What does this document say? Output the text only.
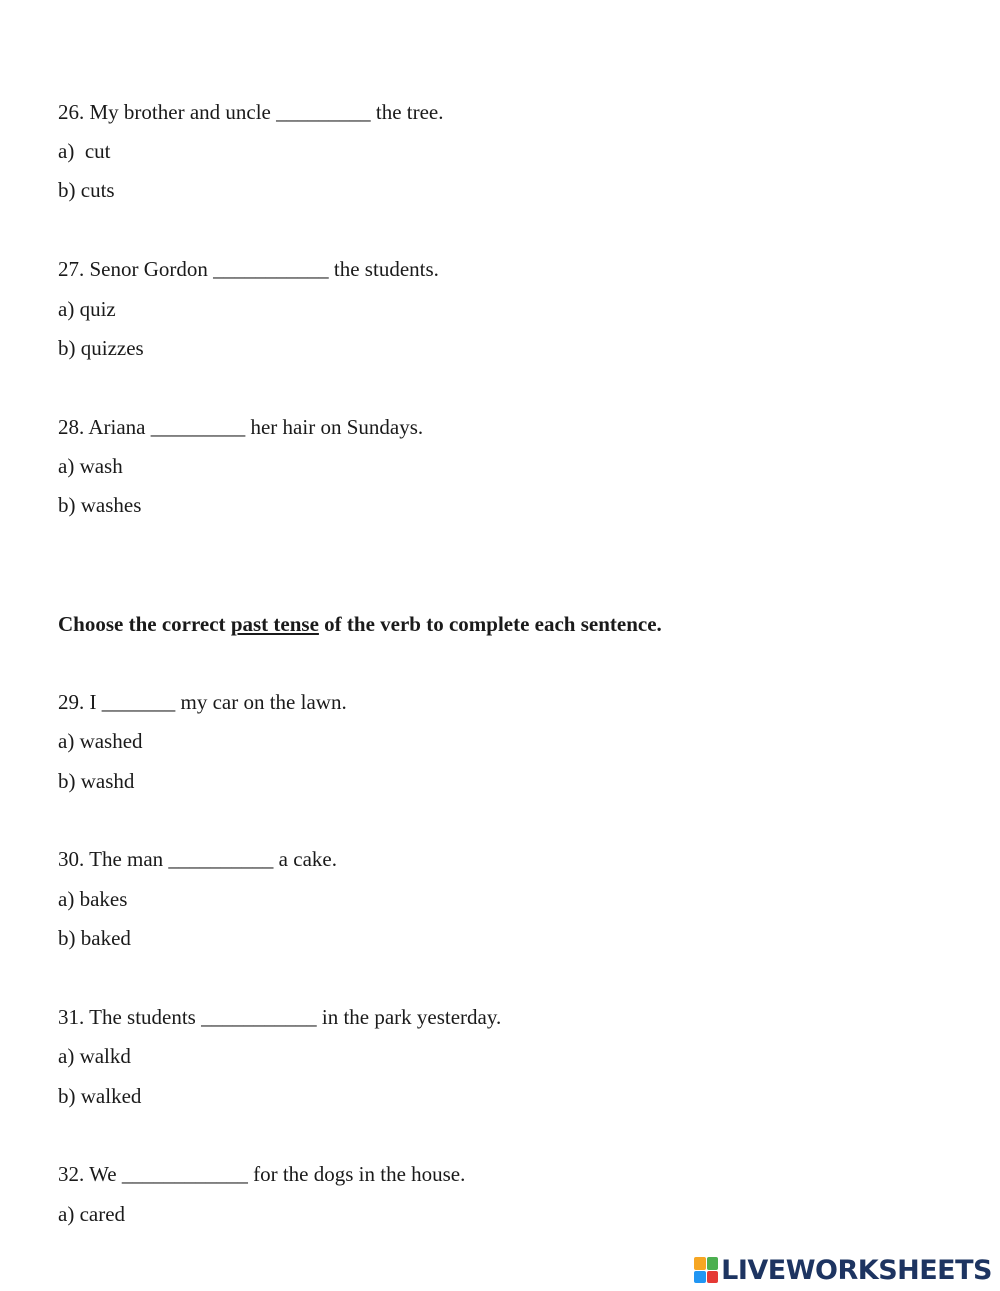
26. My brother and uncle _________ the tree.
a)  cut
b) cuts
27. Senor Gordon ___________ the students.
a) quiz
b) quizzes
28. Ariana _________ her hair on Sundays.
a) wash
b) washes
Choose the correct past tense of the verb to complete each sentence.
29. I _______ my car on the lawn.
a) washed
b) washd
30. The man __________ a cake.
a) bakes
b) baked
31. The students ___________ in the park yesterday.
a) walkd
b) walked
32. We ____________ for the dogs in the house.
a) cared
LIVEWORKSHEETS
